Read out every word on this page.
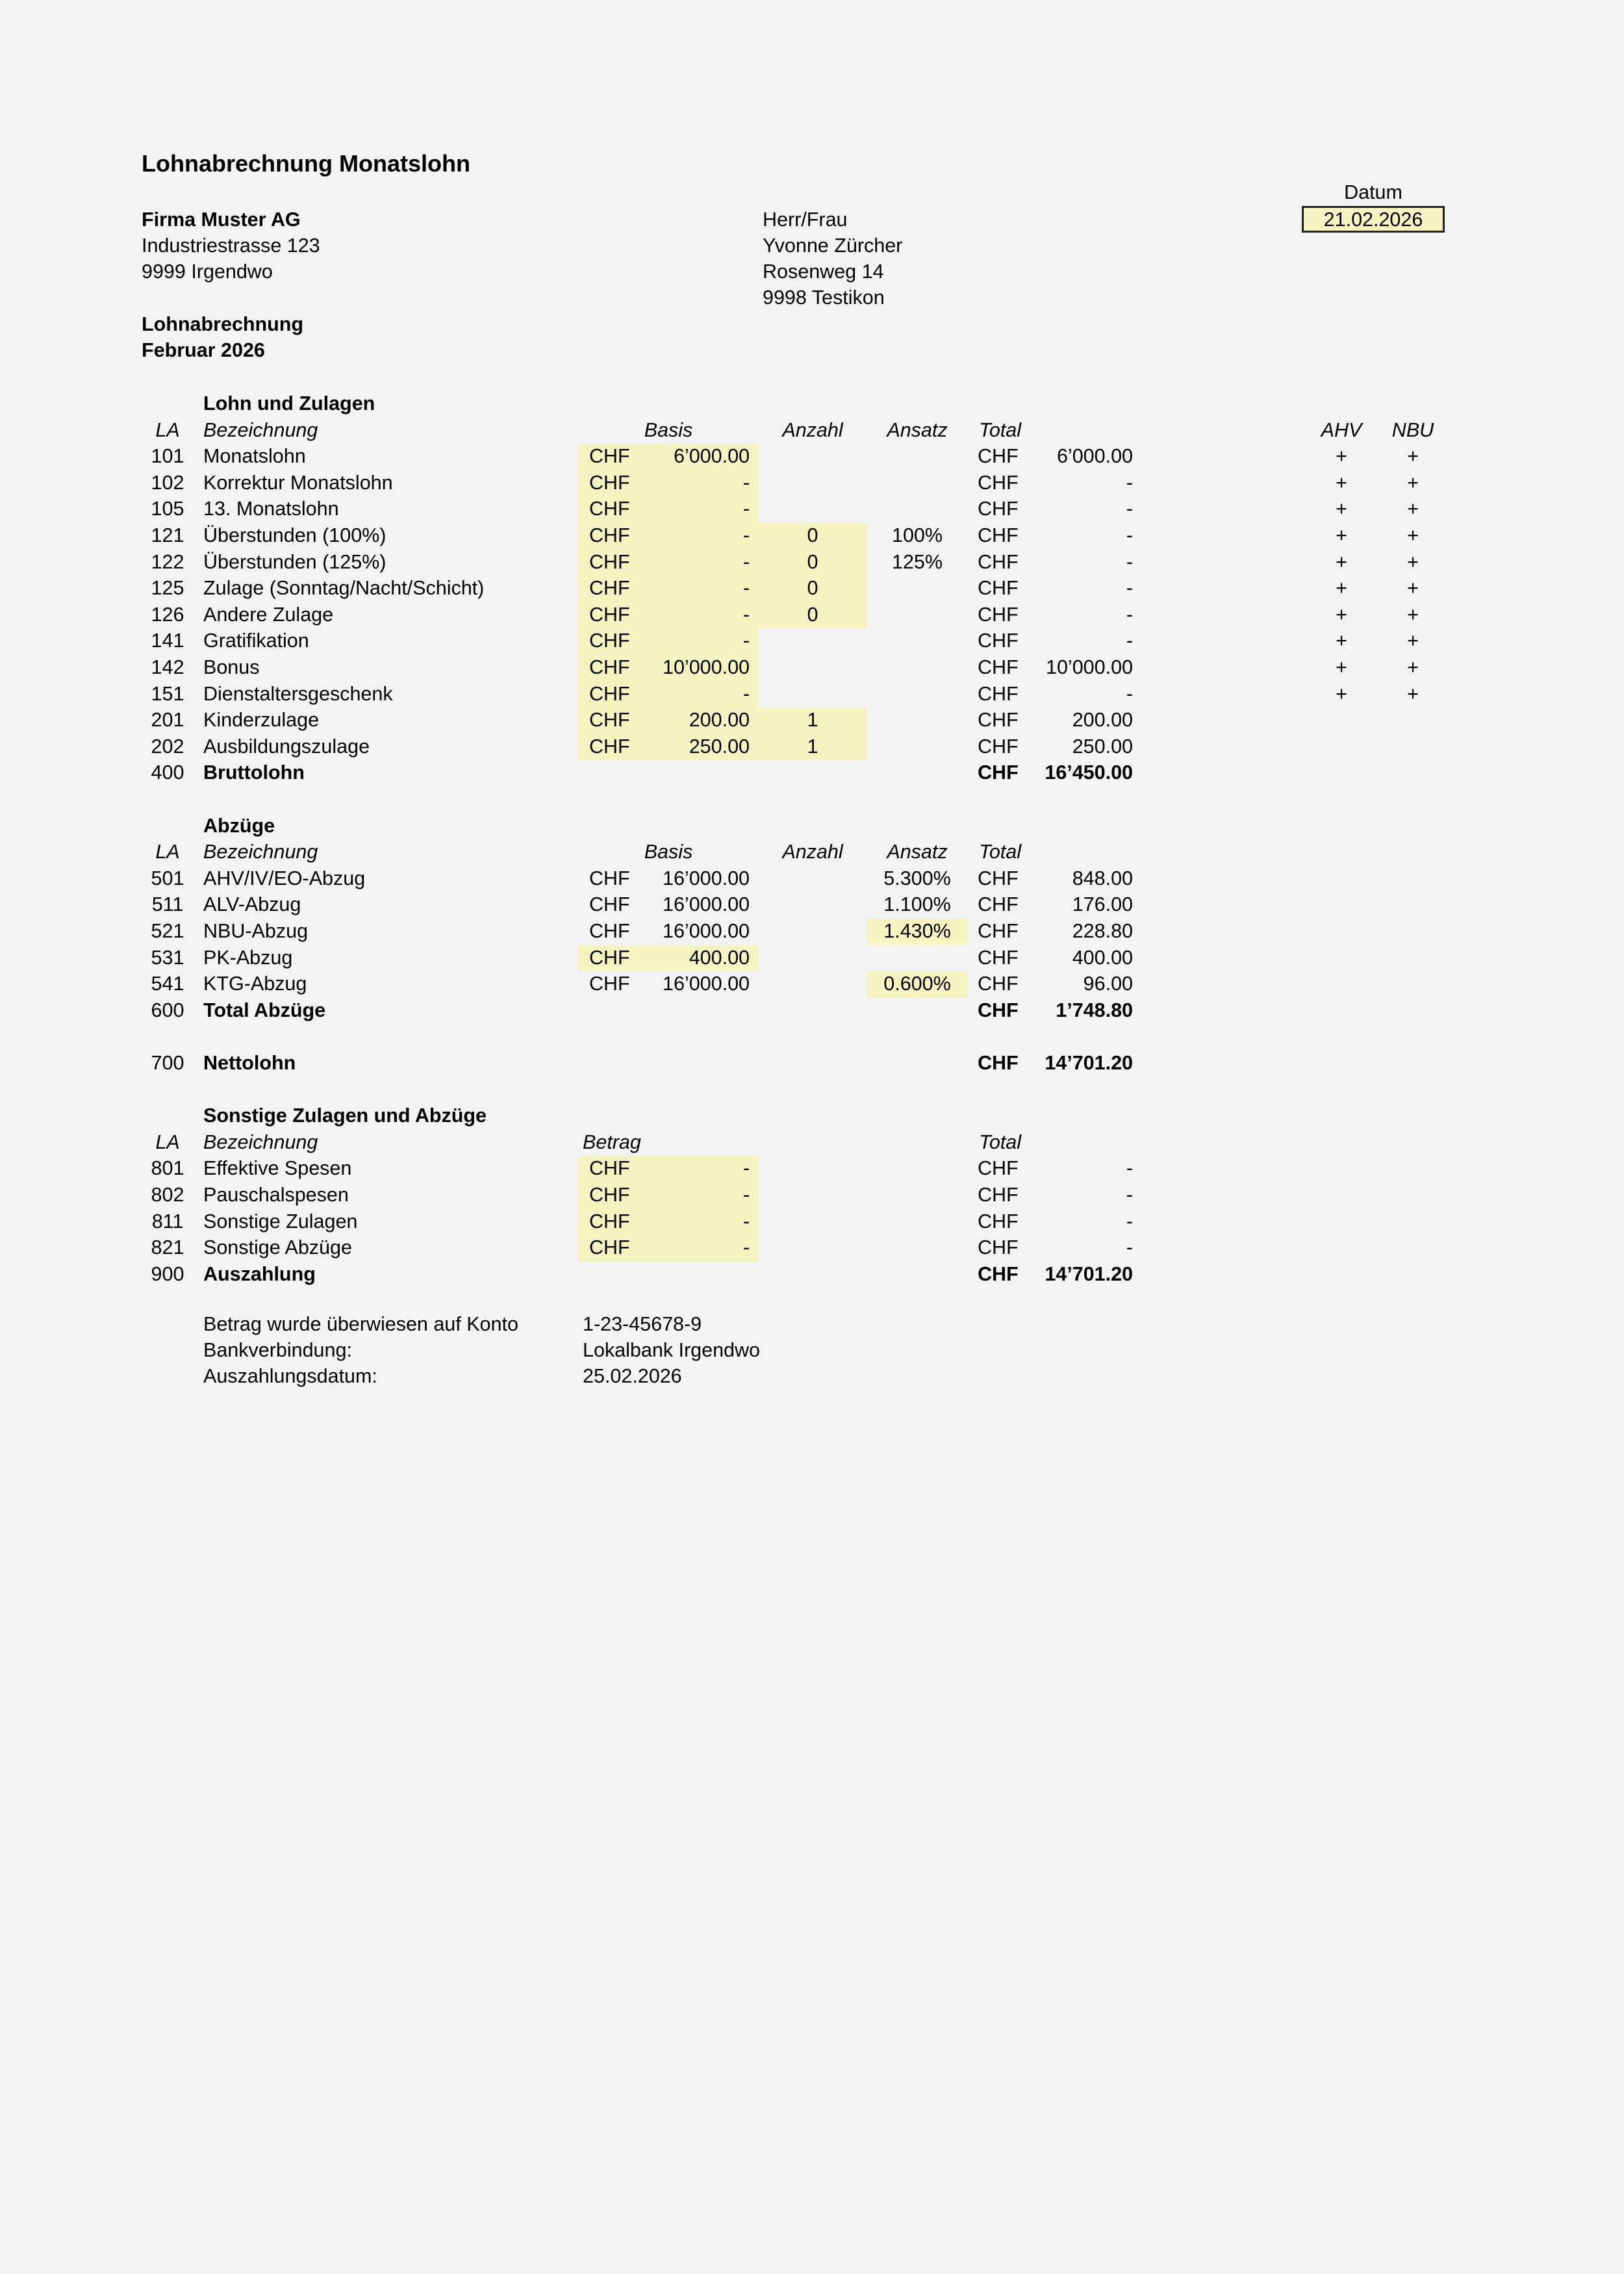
Lohnabrechnung Monatslohn
Datum
21.02.2026
Firma Muster AG
Industriestrasse 123
9999 Irgendwo
Herr/Frau
Yvonne Zürcher
Rosenweg 14
9998 Testikon
Lohnabrechnung
Februar 2026
Lohn und Zulagen
LA	Bezeichnung	Basis	Anzahl	Ansatz	Total	AHV NBU
101 Monatslohn	CHF	6’000.00	CHF	6’000.00	+	+
102 Korrektur Monatslohn	CHF	-	CHF	-	+	+
105 13. Monatslohn	CHF	-	CHF	-	+	+
121 Überstunden (100%)	CHF	-	0	100%	CHF	-	+	+
122 Überstunden (125%)	CHF	-	0	125%	CHF	-	+	+
125 Zulage (Sonntag/Nacht/Schicht)	CHF	-	0	CHF	-	+	+
126 Andere Zulage	CHF	-	0	CHF	-	+	+
141 Gratifikation	CHF	-	CHF	-	+	+
142 Bonus	CHF	10’000.00	CHF	10’000.00	+	+
151 Dienstaltersgeschenk	CHF	-	CHF	-	+	+
201 Kinderzulage	CHF	200.00	1	CHF	200.00
202 Ausbildungszulage	CHF	250.00	1	CHF	250.00
400 Bruttolohn	CHF	16’450.00
Abzüge
LA	Bezeichnung	Basis	Anzahl	Ansatz	Total
501 AHV/IV/EO-Abzug	CHF	16’000.00	5.300%	CHF	848.00
511	ALV-Abzug	CHF	16’000.00	1.100%	CHF	176.00
521 NBU-Abzug	CHF	16’000.00	1.430%	CHF	228.80
531 PK-Abzug	CHF	400.00	CHF	400.00
541 KTG-Abzug	CHF	16’000.00	0.600%	CHF	96.00
600 Total Abzüge	CHF	1’748.80
700 Nettolohn	CHF	14’701.20
Sonstige Zulagen und Abzüge
LA	Bezeichnung	Betrag	Total
801 Effektive Spesen	CHF	-	CHF	-
802 Pauschalspesen	CHF	-	CHF	-
811	Sonstige Zulagen	CHF	-	CHF	-
821 Sonstige Abzüge	CHF	-	CHF	-
900 Auszahlung	CHF	14’701.20
Betrag wurde überwiesen auf Konto	1-23-45678-9
Bankverbindung:	Lokalbank Irgendwo
Auszahlungsdatum:	25.02.2026
